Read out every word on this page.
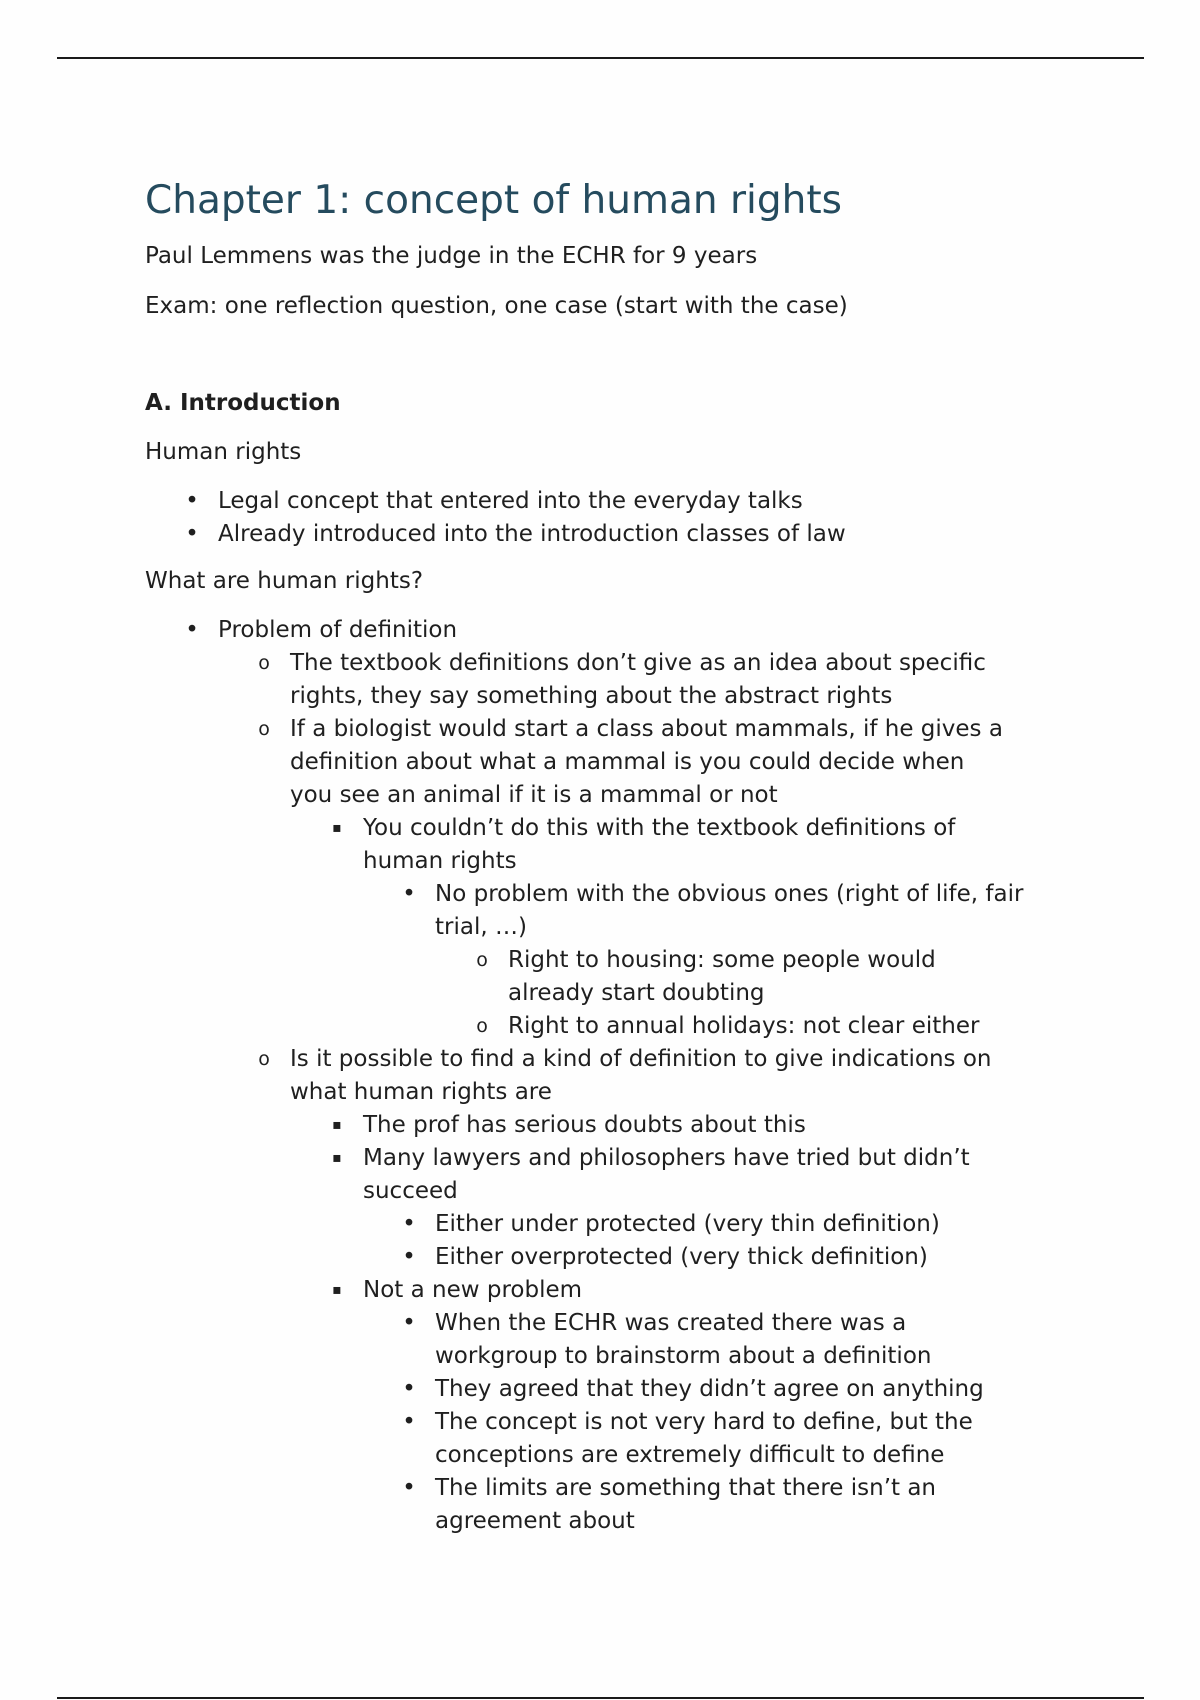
Chapter 1: concept of human rights

Paul Lemmens was the judge in the ECHR for 9 years

Exam: one reflection question, one case (start with the case)

A. Introduction

Human rights

• Legal concept that entered into the everyday talks
• Already introduced into the introduction classes of law

What are human rights?

• Problem of definition
o The textbook definitions don’t give as an idea about specific
rights, they say something about the abstract rights
o If a biologist would start a class about mammals, if he gives a
definition about what a mammal is you could decide when
you see an animal if it is a mammal or not
▪ You couldn’t do this with the textbook definitions of
human rights
• No problem with the obvious ones (right of life, fair
trial, …)
o Right to housing: some people would
already start doubting
o Right to annual holidays: not clear either
o Is it possible to find a kind of definition to give indications on
what human rights are
▪ The prof has serious doubts about this
▪ Many lawyers and philosophers have tried but didn’t
succeed
• Either under protected (very thin definition)
• Either overprotected (very thick definition)
▪ Not a new problem
• When the ECHR was created there was a
workgroup to brainstorm about a definition
• They agreed that they didn’t agree on anything
• The concept is not very hard to define, but the
conceptions are extremely difficult to define
• The limits are something that there isn’t an
agreement about
